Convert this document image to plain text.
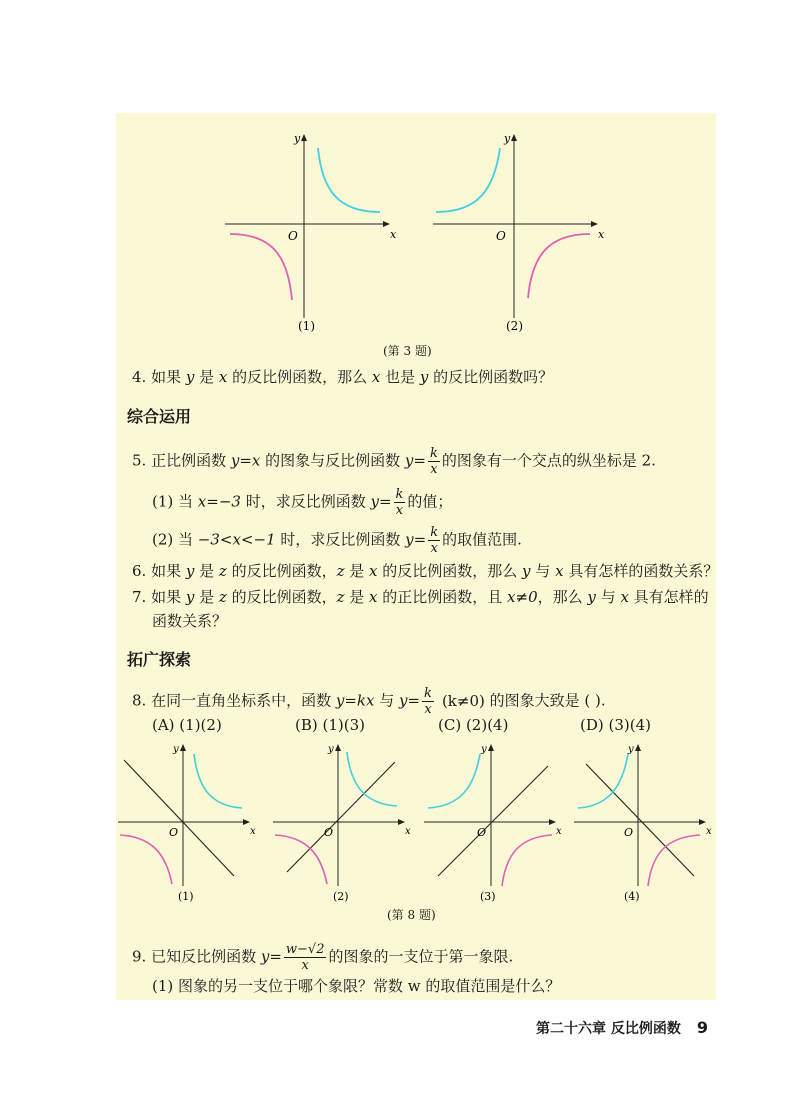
O	x
y
(1)
O	x
y
(2)
(第 3 题)
4. 如果 y 是 x 的反比例函数，那么 x 也是 y 的反比例函数吗？
综合运用
5. 正比例函数 y=x 的图象与反比例函数 $y= \frac{k}{x}$ 的图象有一个交点的纵坐标是 2.
(1) 当 x=−3 时，求反比例函数 $y= \frac{k}{x}$ 的值；
(2) 当 −3<x<−1 时，求反比例函数 $y= \frac{k}{x}$ 的取值范围.
6. 如果 y 是 z 的反比例函数，z 是 x 的反比例函数，那么 y 与 x 具有怎样的函数关系？
7. 如果 y 是 z 的反比例函数，z 是 x 的正比例函数，且 x≠0，那么 y 与 x 具有怎样的
函数关系？
拓广探索
8. 在同一直角坐标系中，函数 y=kx 与 $y= \frac{k}{x} (k\ne 0)$ 的图象大致是 ( ).
(A) (1)(2)	(B) (1)(3)	(C) (2)(4)	(D) (3)(4)
O	x
y
(1)
O	x
y
(2)
O	x
y
(3)
O	x
y
(4)
(第 8 题)
9. 已知反比例函数 $y= \frac{w-√2}{x}$ 的图象的一支位于第一象限.
(1) 图象的另一支位于哪个象限？常数 w 的取值范围是什么？
第二十六章 反比例函数 9
